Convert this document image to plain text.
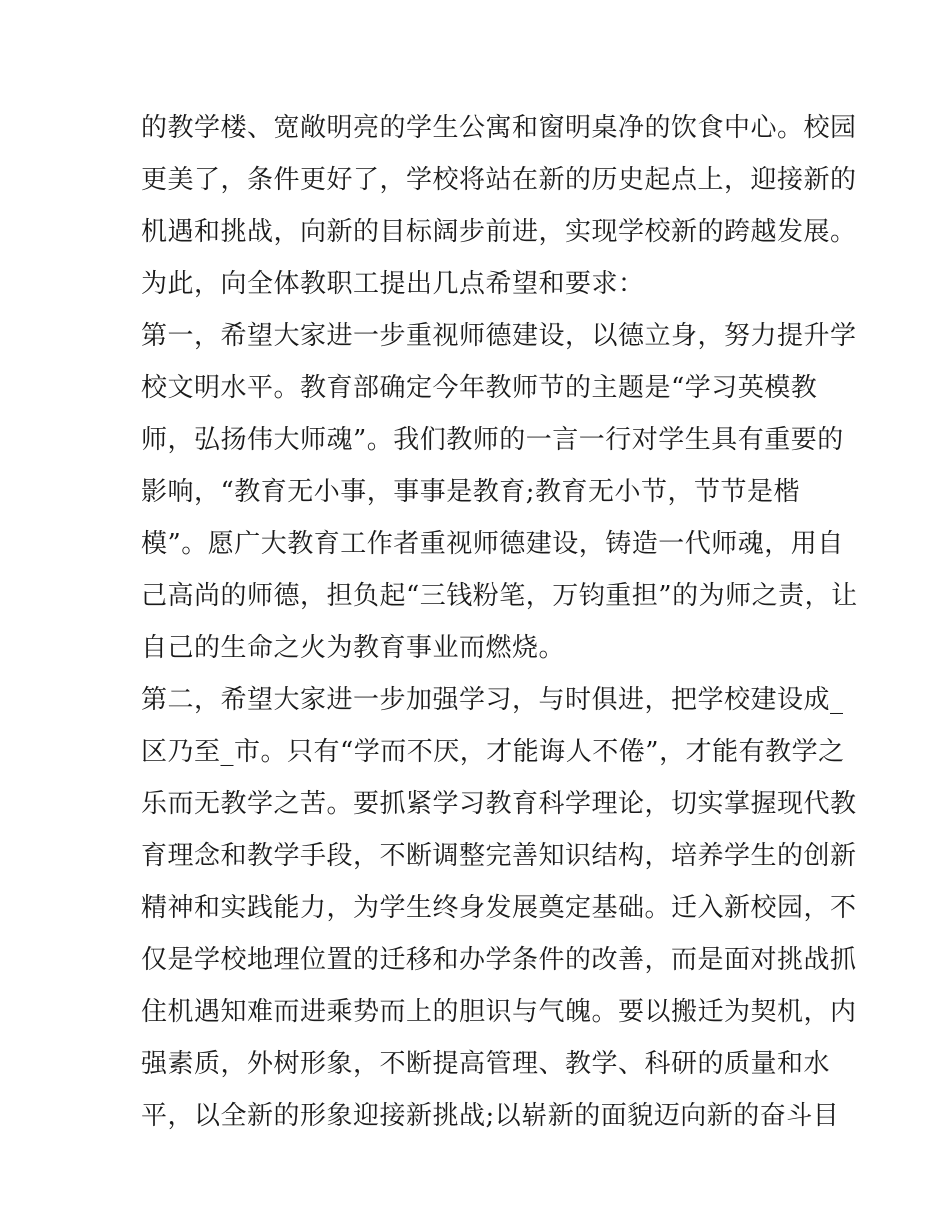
的教学楼、宽敞明亮的学生公寓和窗明桌净的饮食中心。校园
更美了，条件更好了，学校将站在新的历史起点上，迎接新的
机遇和挑战，向新的目标阔步前进，实现学校新的跨越发展。
为此，向全体教职工提出几点希望和要求：
第一，希望大家进一步重视师德建设，以德立身，努力提升学
校文明水平。教育部确定今年教师节的主题是“学习英模教
师，弘扬伟大师魂”。我们教师的一言一行对学生具有重要的
影响，“教育无小事，事事是教育;教育无小节，节节是楷
模”。愿广大教育工作者重视师德建设，铸造一代师魂，用自
己高尚的师德，担负起“三钱粉笔，万钧重担”的为师之责，让
自己的生命之火为教育事业而燃烧。
第二，希望大家进一步加强学习，与时俱进，把学校建设成_
区乃至_市。只有“学而不厌，才能诲人不倦”，才能有教学之
乐而无教学之苦。要抓紧学习教育科学理论，切实掌握现代教
育理念和教学手段，不断调整完善知识结构，培养学生的创新
精神和实践能力，为学生终身发展奠定基础。迁入新校园，不
仅是学校地理位置的迁移和办学条件的改善，而是面对挑战抓
住机遇知难而进乘势而上的胆识与气魄。要以搬迁为契机，内
强素质，外树形象，不断提高管理、教学、科研的质量和水
平，以全新的形象迎接新挑战;以崭新的面貌迈向新的奋斗目
